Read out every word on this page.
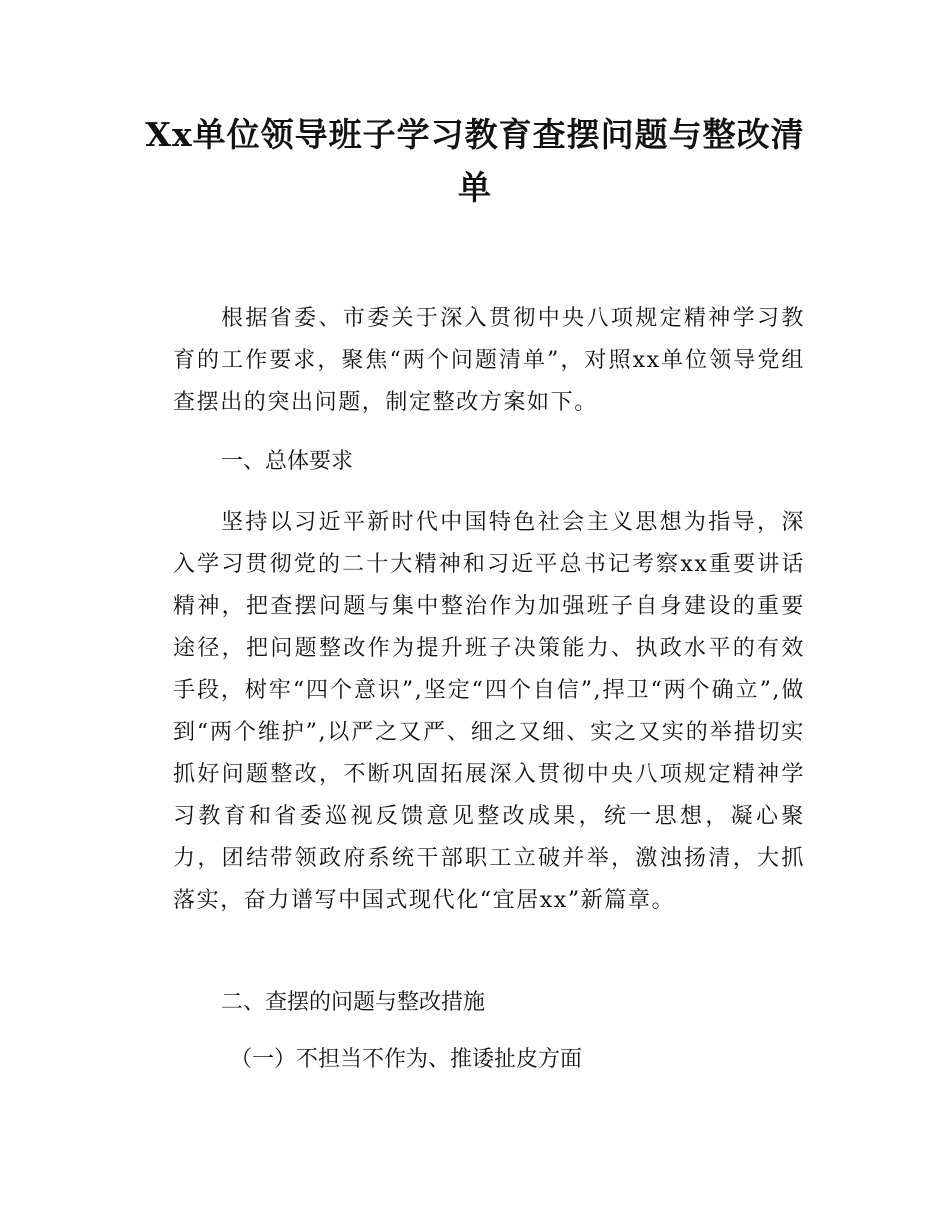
Xx单位领导班子学习教育查摆问题与整改清单

根据省委、市委关于深入贯彻中央八项规定精神学习教育的工作要求，聚焦“两个问题清单”，对照xx单位领导党组查摆出的突出问题，制定整改方案如下。

一、总体要求

坚持以习近平新时代中国特色社会主义思想为指导，深入学习贯彻党的二十大精神和习近平总书记考察xx重要讲话精神，把查摆问题与集中整治作为加强班子自身建设的重要途径，把问题整改作为提升班子决策能力、执政水平的有效手段，树牢“四个意识”,坚定“四个自信”,捍卫“两个确立”,做到“两个维护”,以严之又严、细之又细、实之又实的举措切实抓好问题整改，不断巩固拓展深入贯彻中央八项规定精神学习教育和省委巡视反馈意见整改成果，统一思想，凝心聚力，团结带领政府系统干部职工立破并举，激浊扬清，大抓落实，奋力谱写中国式现代化“宜居xx”新篇章。

二、查摆的问题与整改措施
（一）不担当不作为、推诿扯皮方面
